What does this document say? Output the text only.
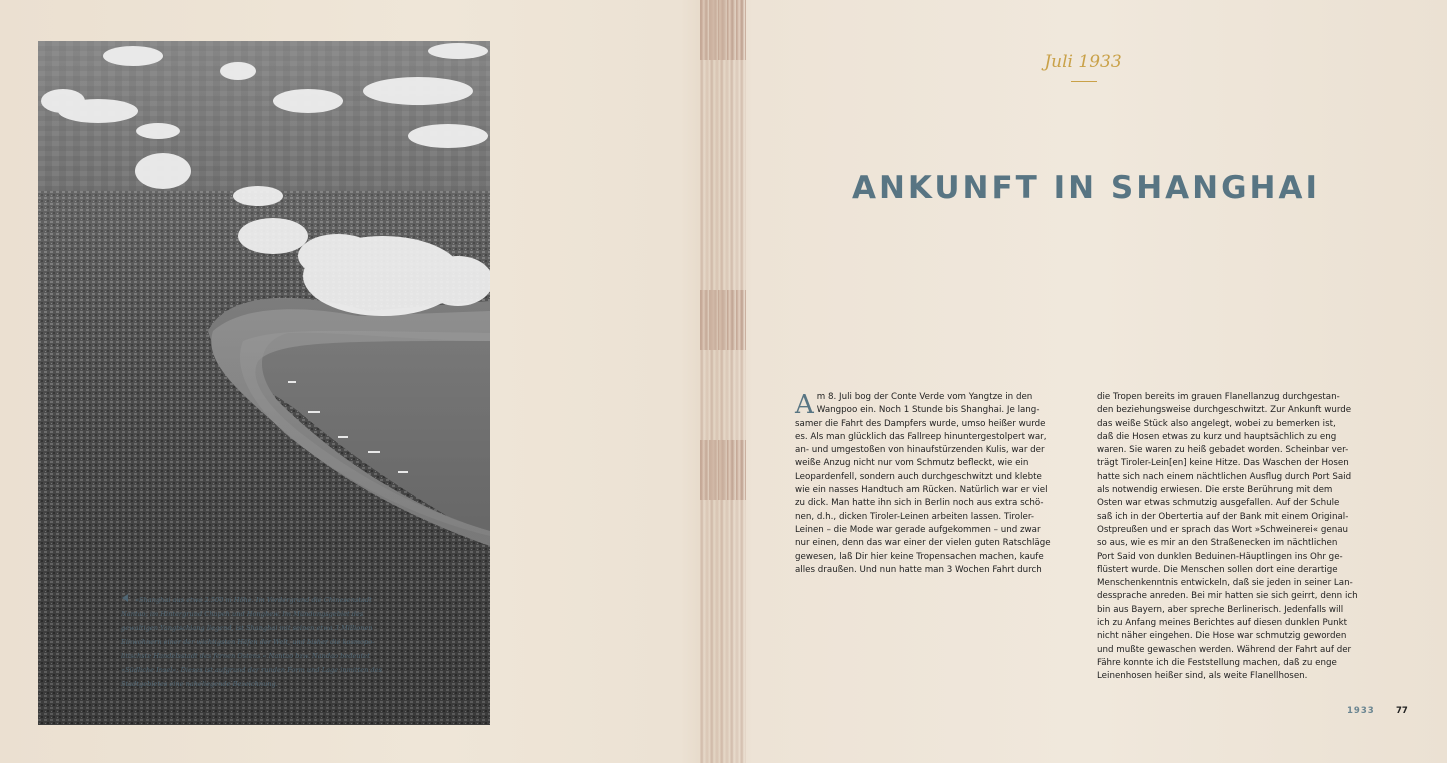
»Shanghai aus etwa 2.500 m Höhe. Im Vordergrund die Chinesenstadt
Nantao; im Hintergrund Chapeh und Honghew. Im Mündungsgebiet des

gewaltigen Yangtschiang liegend, ist Shanghai mit seinen etwa 3 Millionen
Einwohnern einer der wichtigsten Häfen der Welt, und bisher die kosmopo-
litischste Handelsstadt des fernen Ostens.« Nantao bzw. Nandao bedeutet
»Südliche Insel«. Dieses ist aufgrund der runden Form und Lage inmitten des
Stadtgebietes eine naheliegende Bezeichnung.
Juli 1933
ANKUNFT IN SHANGHAI
A m 8. Juli bog der Conte Verde vom Yangtze in den
Wangpoo ein. Noch 1 Stunde bis Shanghai. Je lang-
samer die Fahrt des Dampfers wurde, umso heißer wurde
es. Als man glücklich das Fallreep hinuntergestolpert war,
an- und umgestoßen von hinaufstürzenden Kulis, war der
weiße Anzug nicht nur vom Schmutz befleckt, wie ein
Leopardenfell, sondern auch durchgeschwitzt und klebte
wie ein nasses Handtuch am Rücken. Natürlich war er viel
zu dick. Man hatte ihn sich in Berlin noch aus extra schö-
nen, d.h., dicken Tiroler-Leinen arbeiten lassen. Tiroler-
Leinen – die Mode war gerade aufgekommen – und zwar
nur einen, denn das war einer der vielen guten Ratschläge
gewesen, laß Dir hier keine Tropensachen machen, kaufe
alles draußen. Und nun hatte man 3 Wochen Fahrt durch
die Tropen bereits im grauen Flanellanzug durchgestan-
den beziehungsweise durchgeschwitzt. Zur Ankunft wurde
das weiße Stück also angelegt, wobei zu bemerken ist,
daß die Hosen etwas zu kurz und hauptsächlich zu eng
waren. Sie waren zu heiß gebadet worden. Scheinbar ver-
trägt Tiroler-Lein[en] keine Hitze. Das Waschen der Hosen
hatte sich nach einem nächtlichen Ausflug durch Port Said
als notwendig erwiesen. Die erste Berührung mit dem
Osten war etwas schmutzig ausgefallen. Auf der Schule
saß ich in der Obertertia auf der Bank mit einem Original-
Ostpreußen und er sprach das Wort »Schweinerei« genau
so aus, wie es mir an den Straßenecken im nächtlichen
Port Said von dunklen Beduinen-Häuptlingen ins Ohr ge-
flüstert wurde. Die Menschen sollen dort eine derartige
Menschenkenntnis entwickeln, daß sie jeden in seiner Lan-
dessprache anreden. Bei mir hatten sie sich geirrt, denn ich
bin aus Bayern, aber spreche Berlinerisch. Jedenfalls will
ich zu Anfang meines Berichtes auf diesen dunklen Punkt
nicht näher eingehen. Die Hose war schmutzig geworden
und mußte gewaschen werden. Während der Fahrt auf der
Fähre konnte ich die Feststellung machen, daß zu enge
Leinenhosen heißer sind, als weite Flanellhosen.
1933	77
